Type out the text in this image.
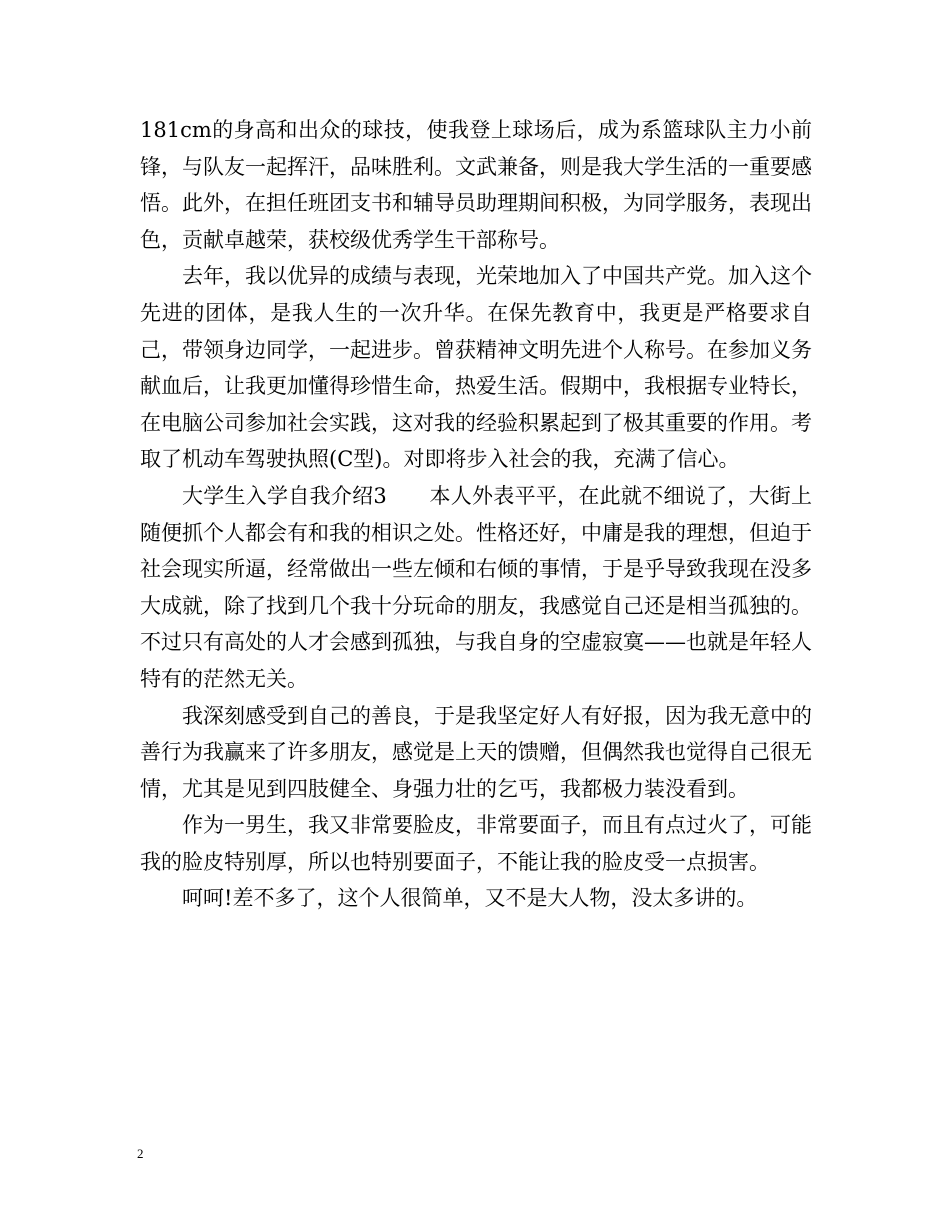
181cm的身高和出众的球技，使我登上球场后，成为系篮球队主力小前锋，与队友一起挥汗，品味胜利。文武兼备，则是我大学生活的一重要感悟。此外，在担任班团支书和辅导员助理期间积极，为同学服务，表现出色，贡献卓越荣，获校级优秀学生干部称号。

去年，我以优异的成绩与表现，光荣地加入了中国共产党。加入这个先进的团体，是我人生的一次升华。在保先教育中，我更是严格要求自己，带领身边同学，一起进步。曾获精神文明先进个人称号。在参加义务献血后，让我更加懂得珍惜生命，热爱生活。假期中，我根据专业特长，在电脑公司参加社会实践，这对我的经验积累起到了极其重要的作用。考取了机动车驾驶执照(C型)。对即将步入社会的我，充满了信心。

大学生入学自我介绍3　　本人外表平平，在此就不细说了，大街上随便抓个人都会有和我的相识之处。性格还好，中庸是我的理想，但迫于社会现实所逼，经常做出一些左倾和右倾的事情，于是乎导致我现在没多大成就，除了找到几个我十分玩命的朋友，我感觉自己还是相当孤独的。不过只有高处的人才会感到孤独，与我自身的空虚寂寞——也就是年轻人特有的茫然无关。

我深刻感受到自己的善良，于是我坚定好人有好报，因为我无意中的善行为我赢来了许多朋友，感觉是上天的馈赠，但偶然我也觉得自己很无情，尤其是见到四肢健全、身强力壮的乞丐，我都极力装没看到。

作为一男生，我又非常要脸皮，非常要面子，而且有点过火了，可能我的脸皮特别厚，所以也特别要面子，不能让我的脸皮受一点损害。

呵呵!差不多了，这个人很简单，又不是大人物，没太多讲的。

2
